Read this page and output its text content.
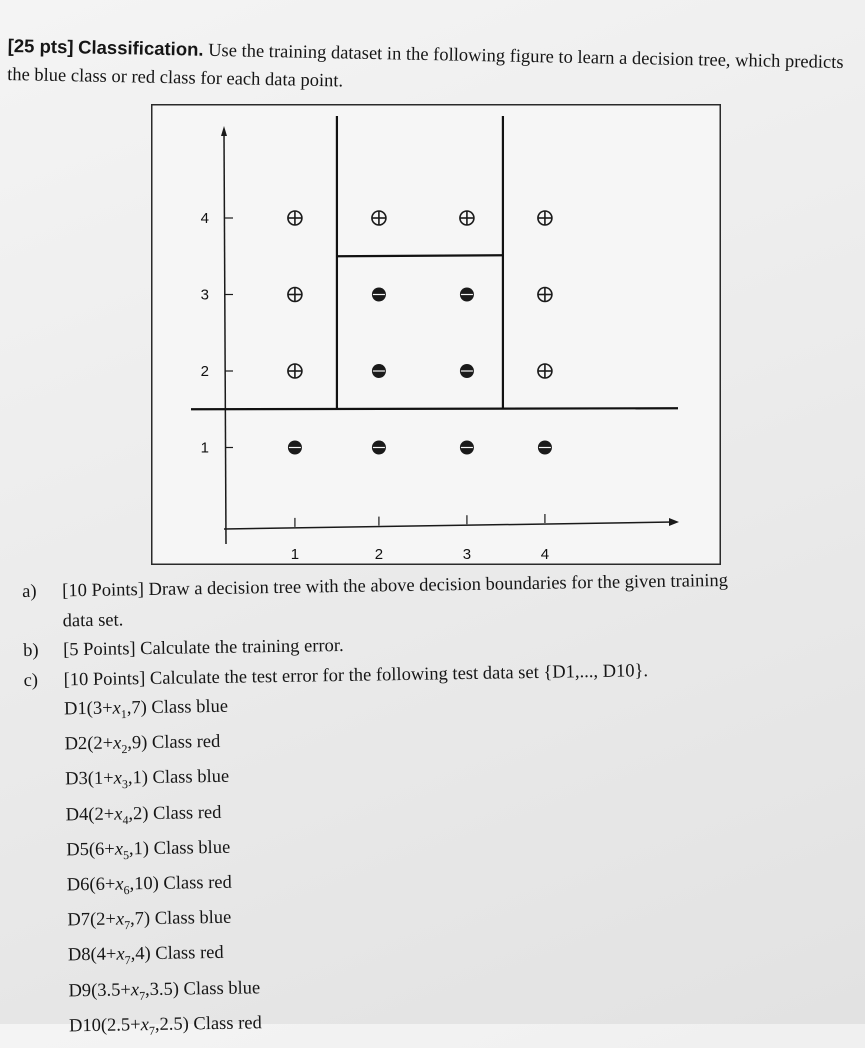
[25 pts] Classification. Use the training dataset in the following figure to learn a decision tree, which predicts the blue class or red class for each data point.
1
2
3
4
1	2	3	4
a)	[10 Points] Draw a decision tree with the above decision boundaries for the given training
data set.
b)	[5 Points] Calculate the training error.
c)	[10 Points] Calculate the test error for the following test data set {D1,..., D10}.
$D1(3+x_1,7)$ Class blue
$D2(2+x_2,9)$ Class red
$D3(1+x_3,1)$ Class blue
$D4(2+x_4,2)$ Class red
$D5(6+x_5,1)$ Class blue
$D6(6+x_6,10)$ Class red
$D7(2+x_7,7)$ Class blue
$D8(4+x_7,4)$ Class red
$D9(3.5+x_7,3.5)$ Class blue
$D10(2.5+x_7,2.5)$ Class red
